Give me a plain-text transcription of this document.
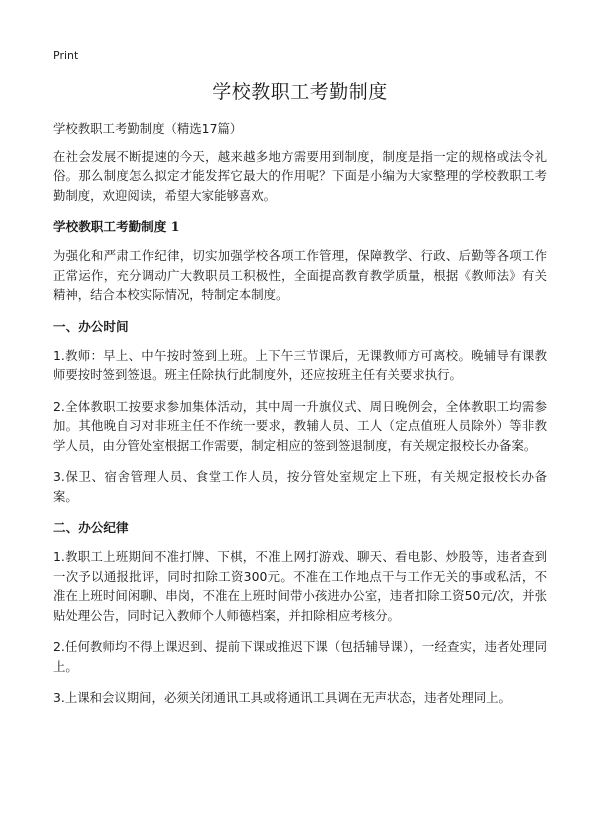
Print
学校教职工考勤制度

学校教职工考勤制度（精选17篇）

在社会发展不断提速的今天，越来越多地方需要用到制度，制度是指一定的规格或法令礼俗。那么制度怎么拟定才能发挥它最大的作用呢？下面是小编为大家整理的学校教职工考勤制度，欢迎阅读，希望大家能够喜欢。

学校教职工考勤制度 1

为强化和严肃工作纪律，切实加强学校各项工作管理，保障教学、行政、后勤等各项工作正常运作，充分调动广大教职员工积极性，全面提高教育教学质量，根据《教师法》有关精神，结合本校实际情况，特制定本制度。

一、办公时间

1.教师：早上、中午按时签到上班。上下午三节课后，无课教师方可离校。晚辅导有课教师要按时签到签退。班主任除执行此制度外，还应按班主任有关要求执行。

2.全体教职工按要求参加集体活动，其中周一升旗仪式、周日晚例会，全体教职工均需参加。其他晚自习对非班主任不作统一要求，教辅人员、工人（定点值班人员除外）等非教学人员，由分管处室根据工作需要，制定相应的签到签退制度，有关规定报校长办备案。

3.保卫、宿舍管理人员、食堂工作人员，按分管处室规定上下班，有关规定报校长办备案。

二、办公纪律

1.教职工上班期间不准打牌、下棋，不准上网打游戏、聊天、看电影、炒股等，违者查到一次予以通报批评，同时扣除工资300元。不准在工作地点干与工作无关的事或私活，不准在上班时间闲聊、串岗，不准在上班时间带小孩进办公室，违者扣除工资50元/次，并张贴处理公告，同时记入教师个人师德档案，并扣除相应考核分。

2.任何教师均不得上课迟到、提前下课或推迟下课（包括辅导课），一经查实，违者处理同上。

3.上课和会议期间，必须关闭通讯工具或将通讯工具调在无声状态，违者处理同上。
